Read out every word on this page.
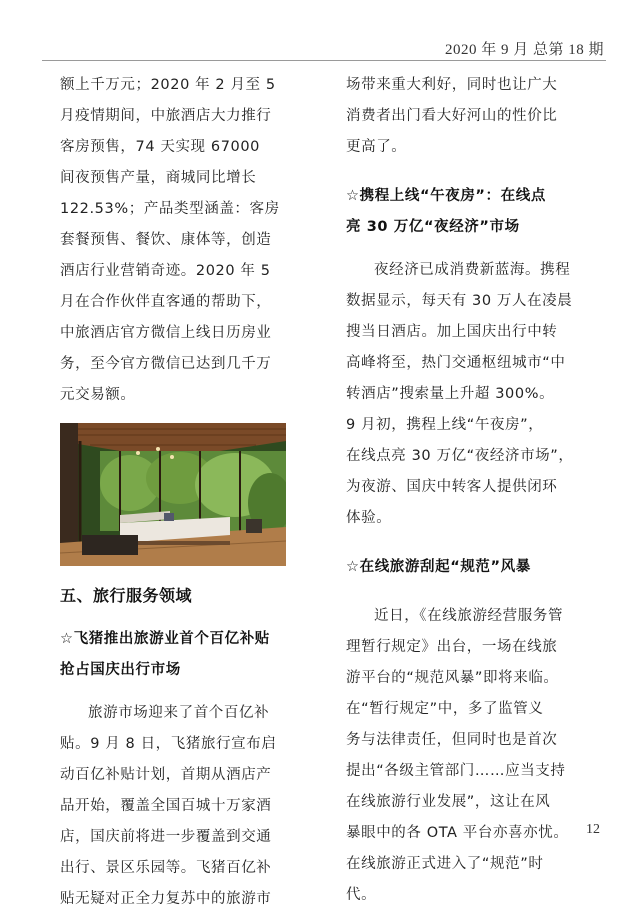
2020 年 9 月 总第 18 期
额上千万元；2020 年 2 月至 5
月疫情期间，中旅酒店大力推行
客房预售，74 天实现 67000
间夜预售产量，商城同比增长
122.53%；产品类型涵盖：客房
套餐预售、餐饮、康体等，创造
酒店行业营销奇迹。2020 年 5
月在合作伙伴直客通的帮助下，
中旅酒店官方微信上线日历房业
务，至今官方微信已达到几千万
元交易额。
五、旅行服务领域
☆飞猪推出旅游业首个百亿补贴
抢占国庆出行市场
旅游市场迎来了首个百亿补
贴。9 月 8 日，飞猪旅行宣布启
动百亿补贴计划，首期从酒店产
品开始，覆盖全国百城十万家酒
店，国庆前将进一步覆盖到交通
出行、景区乐园等。飞猪百亿补
贴无疑对正全力复苏中的旅游市
场带来重大利好，同时也让广大
消费者出门看大好河山的性价比
更高了。
☆携程上线“午夜房”：在线点
亮 30 万亿“夜经济”市场
夜经济已成消费新蓝海。携程
数据显示，每天有 30 万人在凌晨
搜当日酒店。加上国庆出行中转
高峰将至，热门交通枢纽城市“中
转酒店”搜索量上升超 300%。
9 月初，携程上线“午夜房”，
在线点亮 30 万亿“夜经济市场”，
为夜游、国庆中转客人提供闭环
体验。
☆在线旅游刮起“规范”风暴
近日，《在线旅游经营服务管
理暂行规定》出台，一场在线旅
游平台的“规范风暴”即将来临。
在“暂行规定”中，多了监管义
务与法律责任，但同时也是首次
提出“各级主管部门……应当支持
在线旅游行业发展”，这让在风
暴眼中的各 OTA 平台亦喜亦忧。
在线旅游正式进入了“规范”时
代。
12
